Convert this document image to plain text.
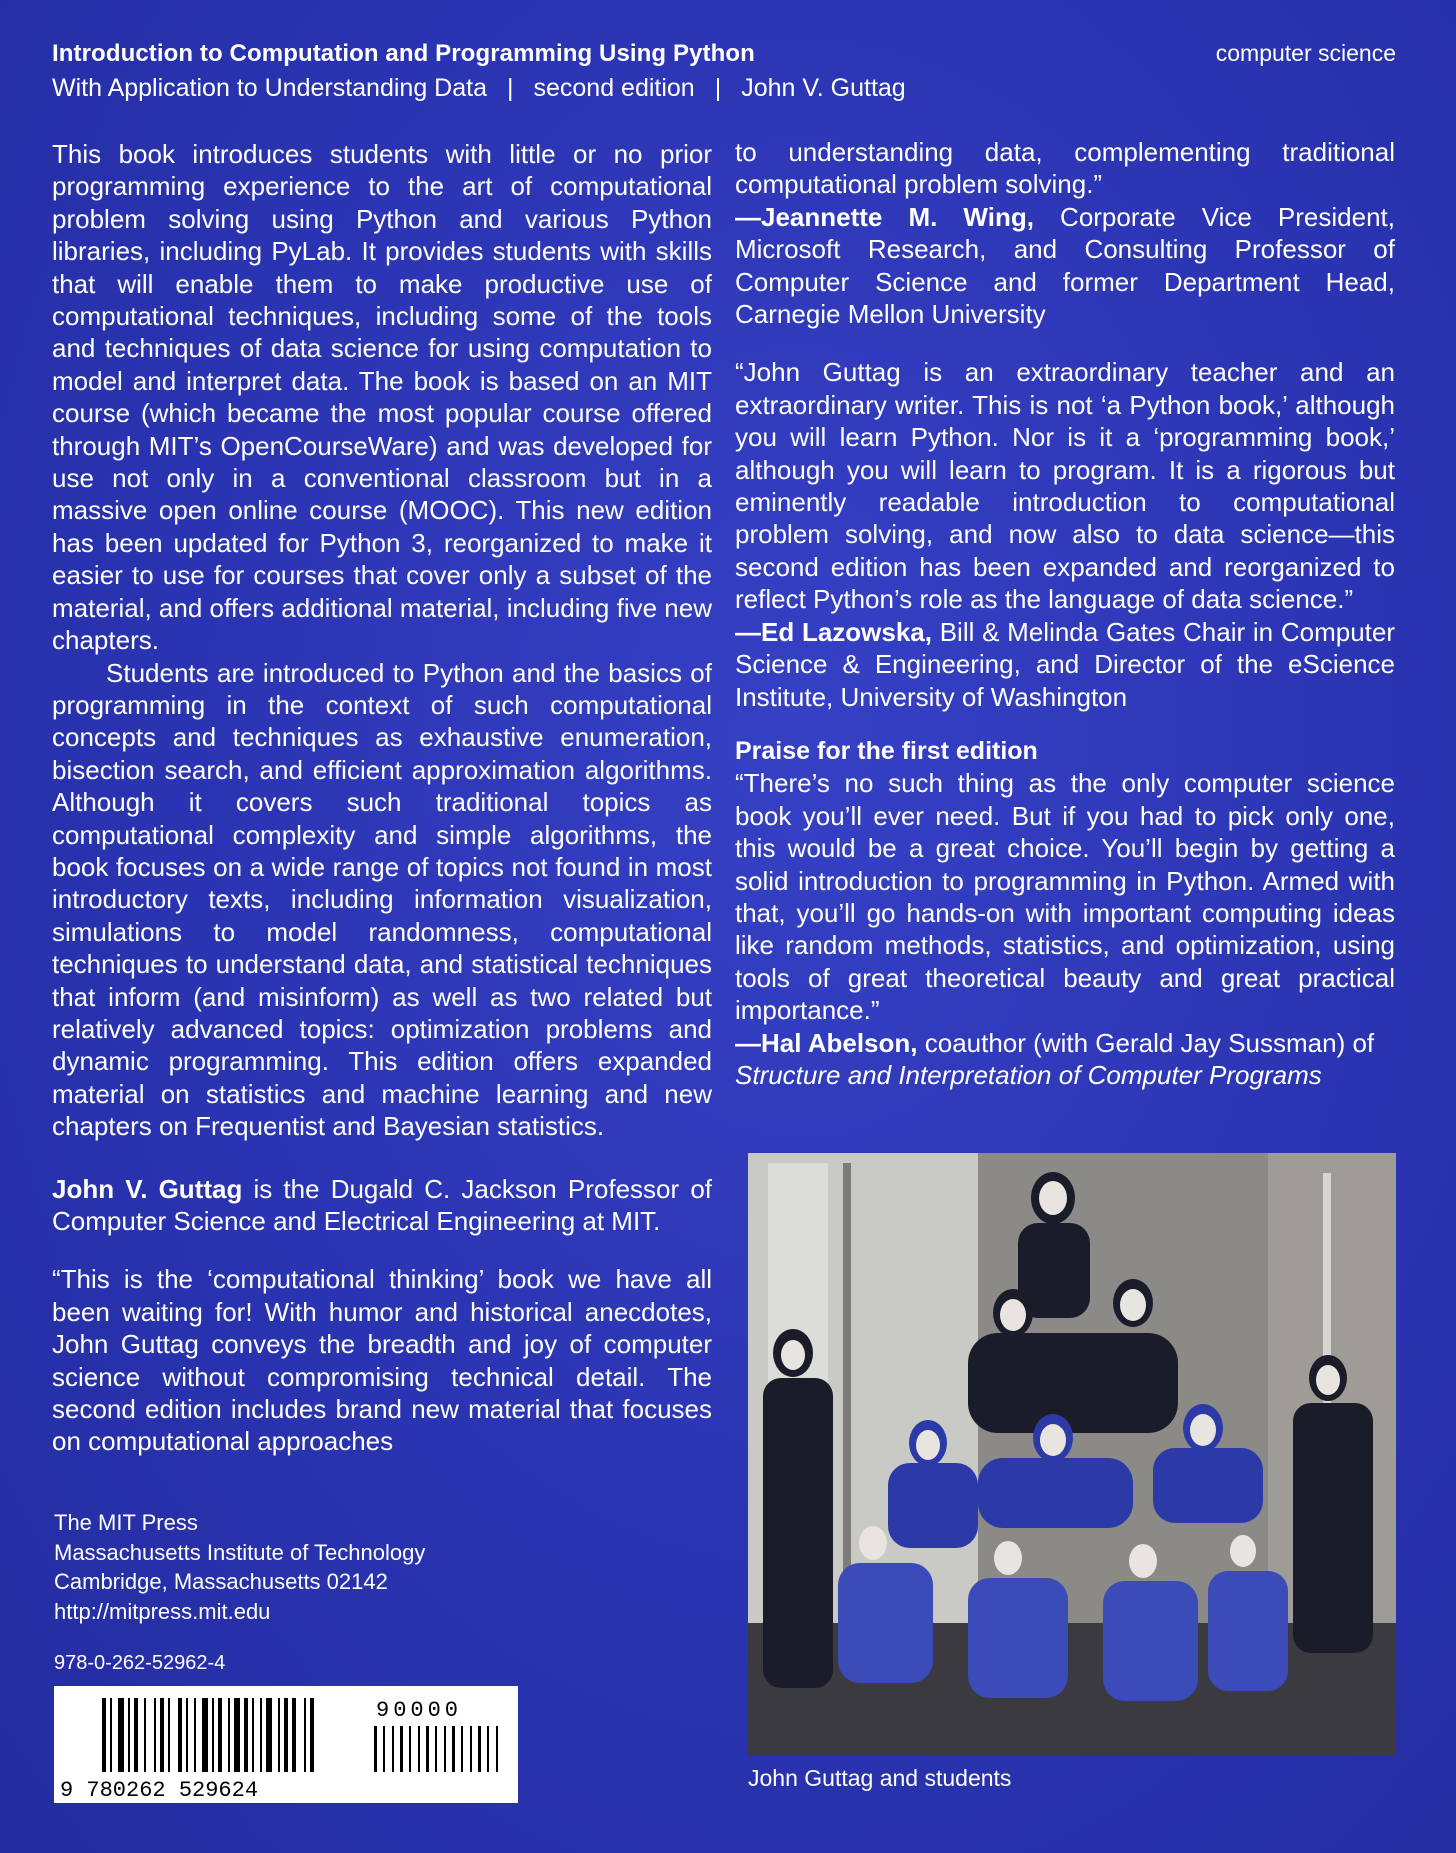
Introduction to Computation and Programming Using Python
With Application to Understanding Data | second edition | John V. Guttag
computer science

This book introduces students with little or no prior programming experience to the art of computational problem solving using Python and various Python libraries, including PyLab. It provides students with skills that will enable them to make productive use of computational techniques, including some of the tools and techniques of data science for using computation to model and interpret data. The book is based on an MIT course (which became the most popular course offered through MIT’s OpenCourseWare) and was developed for use not only in a conventional classroom but in a massive open online course (MOOC). This new edition has been updated for Python 3, reorganized to make it easier to use for courses that cover only a subset of the material, and offers additional material, including five new chapters.

Students are introduced to Python and the basics of programming in the context of such computational concepts and techniques as exhaustive enumeration, bisection search, and efficient approximation algorithms. Although it covers such traditional topics as computational complexity and simple algorithms, the book focuses on a wide range of topics not found in most introductory texts, including information visualization, simulations to model randomness, computational techniques to understand data, and statistical techniques that inform (and misinform) as well as two related but relatively advanced topics: optimization problems and dynamic programming. This edition offers expanded material on statistics and machine learning and new chapters on Frequentist and Bayesian statistics.

John V. Guttag is the Dugald C. Jackson Professor of Computer Science and Electrical Engineering at MIT.

“This is the ‘computational thinking’ book we have all been waiting for! With humor and historical anecdotes, John Guttag conveys the breadth and joy of computer science without compromising technical detail. The second edition includes brand new material that focuses on computational approaches

to understanding data, complementing traditional computational problem solving.”

—Jeannette M. Wing, Corporate Vice President, Microsoft Research, and Consulting Professor of Computer Science and former Department Head, Carnegie Mellon University

“John Guttag is an extraordinary teacher and an extraordinary writer. This is not ‘a Python book,’ although you will learn Python. Nor is it a ‘programming book,’ although you will learn to program. It is a rigorous but eminently readable introduction to computational problem solving, and now also to data science—this second edition has been expanded and reorganized to reflect Python’s role as the language of data science.”

—Ed Lazowska, Bill & Melinda Gates Chair in Computer Science & Engineering, and Director of the eScience Institute, University of Washington

Praise for the first edition

“There’s no such thing as the only computer science book you’ll ever need. But if you had to pick only one, this would be a great choice. You’ll begin by getting a solid introduction to programming in Python. Armed with that, you’ll go hands-on with important computing ideas like random methods, statistics, and optimization, using tools of great theoretical beauty and great practical importance.”

—Hal Abelson, coauthor (with Gerald Jay Sussman) of
Structure and Interpretation of Computer Programs

The MIT Press
Massachusetts Institute of Technology
Cambridge, Massachusetts 02142
http://mitpress.mit.edu
978-0-262-52962-4
9 780262 529624
90000
John Guttag and students
